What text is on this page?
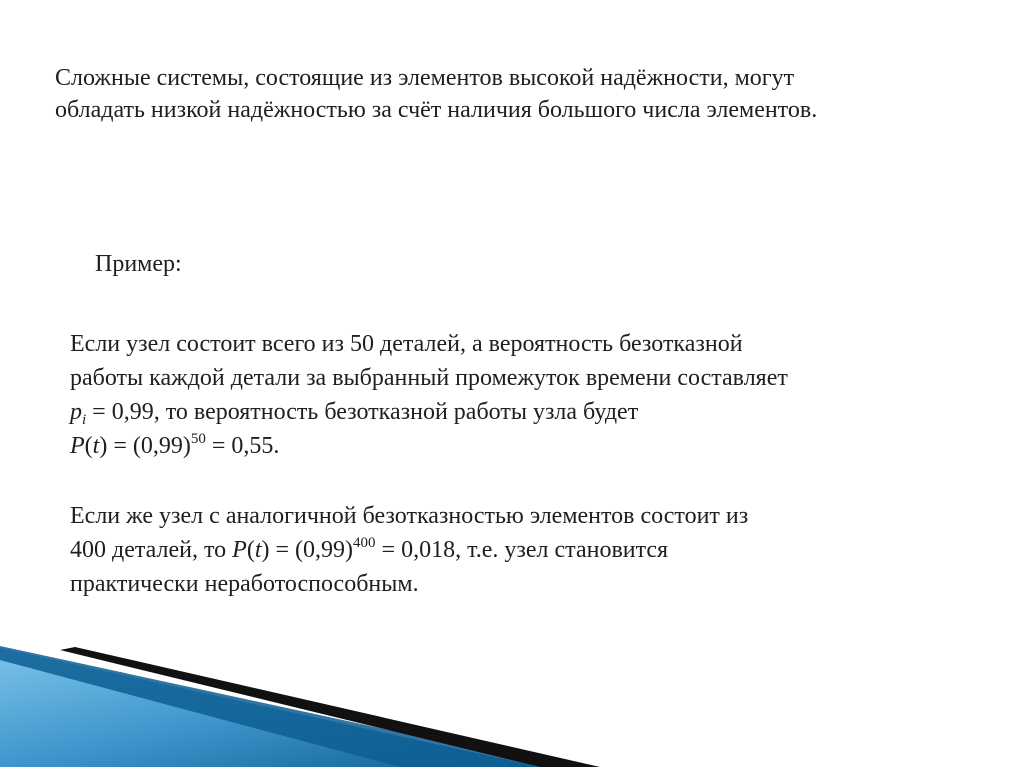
Сложные системы, состоящие из элементов высокой надёжности, могут
обладать низкой надёжностью за счёт наличия большого числа элементов.

Пример:

Если узел состоит всего из 50 деталей, а вероятность безотказной
работы каждой детали за выбранный промежуток времени составляет
$p_i = 0,99$, то вероятность безотказной работы узла будет
$P(t) = (0,99)^{50} = 0,55$.

Если же узел с аналогичной безотказностью элементов состоит из
400 деталей, то $P(t) = (0,99)^{400} = 0,018$, т.е. узел становится
практически неработоспособным.
